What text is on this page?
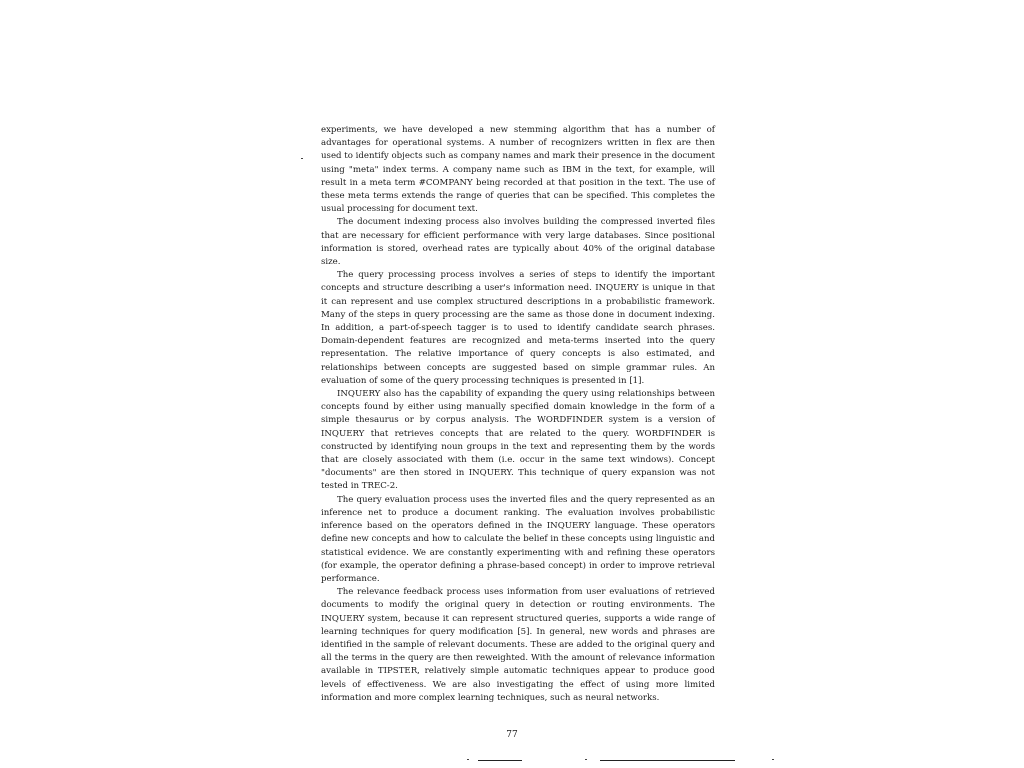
experiments, we have developed a new stemming algorithm that has a number of advantages for operational systems. A number of recognizers written in flex are then used to identify objects such as company names and mark their presence in the document using "meta" index terms. A company name such as IBM in the text, for example, will result in a meta term #COMPANY being recorded at that position in the text. The use of these meta terms extends the range of queries that can be specified. This completes the usual processing for document text.

The document indexing process also involves building the compressed inverted files that are necessary for efficient performance with very large databases. Since positional information is stored, overhead rates are typically about 40% of the original database size.

The query processing process involves a series of steps to identify the important concepts and structure describing a user's information need. INQUERY is unique in that it can represent and use complex structured descriptions in a probabilistic framework. Many of the steps in query processing are the same as those done in document indexing. In addition, a part-of-speech tagger is to used to identify candidate search phrases. Domain-dependent features are recognized and meta-terms inserted into the query representation. The relative importance of query concepts is also estimated, and relationships between concepts are suggested based on simple grammar rules. An evaluation of some of the query processing techniques is presented in [1].

INQUERY also has the capability of expanding the query using relationships between concepts found by either using manually specified domain knowledge in the form of a simple thesaurus or by corpus analysis. The WORDFINDER system is a version of INQUERY that retrieves concepts that are related to the query. WORDFINDER is constructed by identifying noun groups in the text and representing them by the words that are closely associated with them (i.e. occur in the same text windows). Concept "documents" are then stored in INQUERY. This technique of query expansion was not tested in TREC-2.

The query evaluation process uses the inverted files and the query represented as an inference net to produce a document ranking. The evaluation involves probabilistic inference based on the operators defined in the INQUERY language. These operators define new concepts and how to calculate the belief in these concepts using linguistic and statistical evidence. We are constantly experimenting with and refining these operators (for example, the operator defining a phrase-based concept) in order to improve retrieval performance.

The relevance feedback process uses information from user evaluations of retrieved documents to modify the original query in detection or routing environments. The INQUERY system, because it can represent structured queries, supports a wide range of learning techniques for query modification [5]. In general, new words and phrases are identified in the sample of relevant documents. These are added to the original query and all the terms in the query are then reweighted. With the amount of relevance information available in TIPSTER, relatively simple automatic techniques appear to produce good levels of effectiveness. We are also investigating the effect of using more limited information and more complex learning techniques, such as neural networks.

77
